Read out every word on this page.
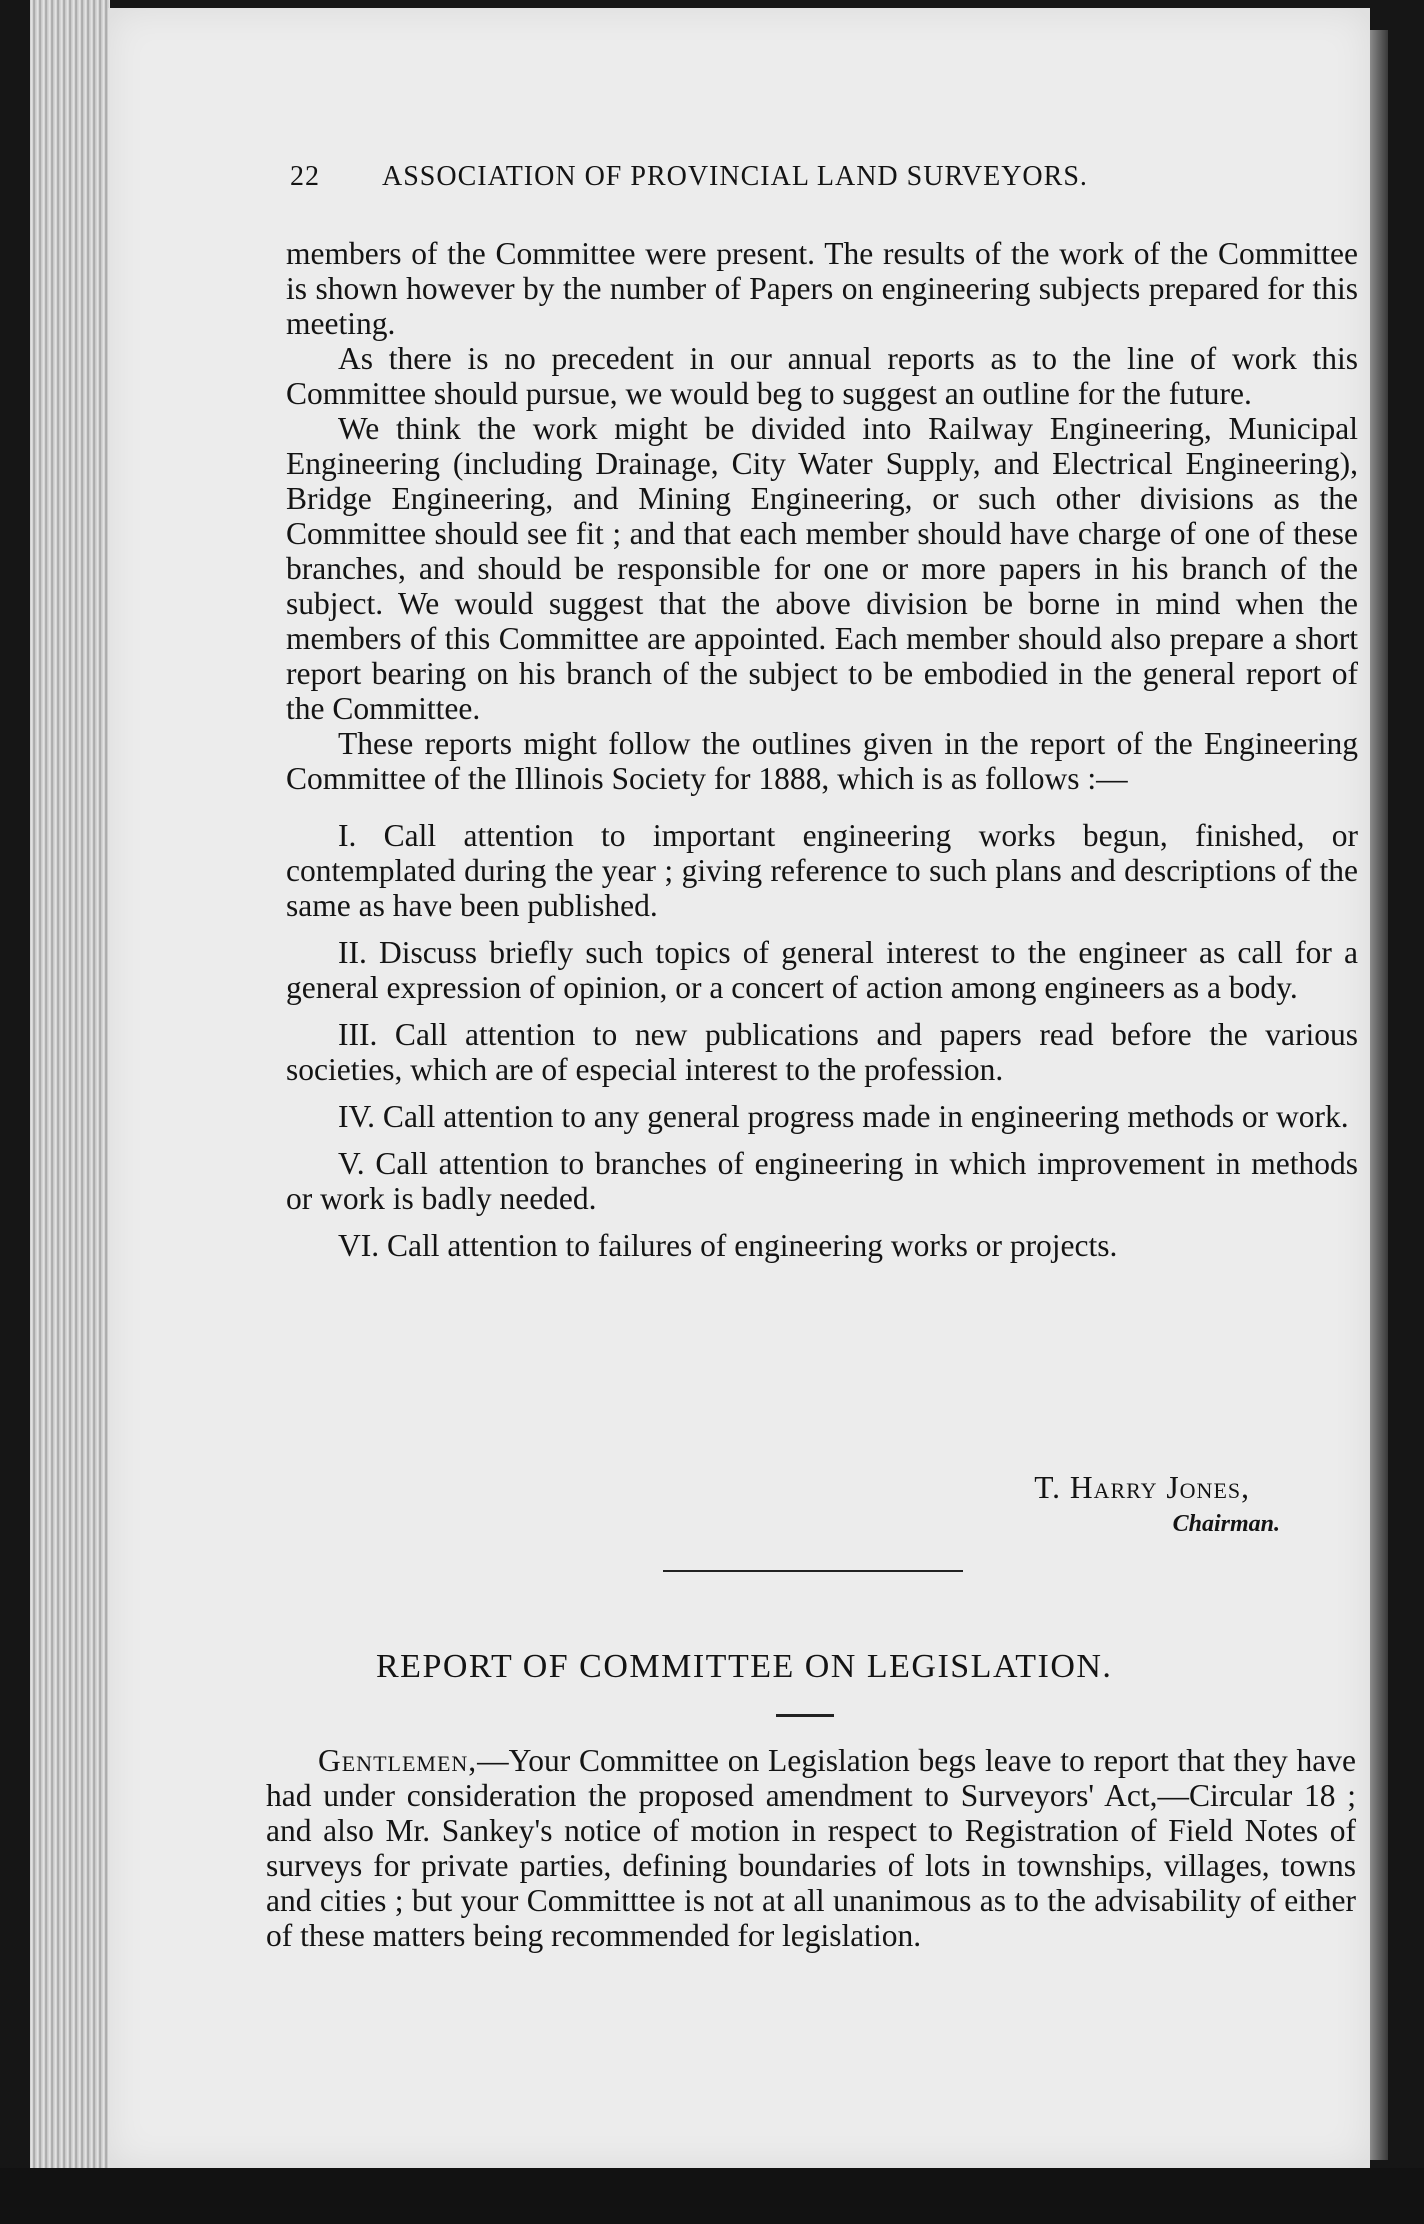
22 ASSOCIATION OF PROVINCIAL LAND SURVEYORS.

members of the Committee were present. The results of the work of the Committee is shown however by the number of Papers on engineering subjects prepared for this meeting.

As there is no precedent in our annual reports as to the line of work this Committee should pursue, we would beg to suggest an outline for the future.

We think the work might be divided into Railway Engineering, Municipal Engineering (including Drainage, City Water Supply, and Electrical Engineering), Bridge Engineering, and Mining Engineering, or such other divisions as the Committee should see fit ; and that each member should have charge of one of these branches, and should be responsible for one or more papers in his branch of the subject. We would suggest that the above division be borne in mind when the members of this Committee are appointed. Each member should also prepare a short report bearing on his branch of the subject to be embodied in the general report of the Committee.

These reports might follow the outlines given in the report of the Engineering Committee of the Illinois Society for 1888, which is as follows :—

I. Call attention to important engineering works begun, finished, or contemplated during the year ; giving reference to such plans and descriptions of the same as have been published.

II. Discuss briefly such topics of general interest to the engineer as call for a general expression of opinion, or a concert of action among engineers as a body.

III. Call attention to new publications and papers read before the various societies, which are of especial interest to the profession.

IV. Call attention to any general progress made in engineering methods or work.

V. Call attention to branches of engineering in which improvement in methods or work is badly needed.

VI. Call attention to failures of engineering works or projects.

T. Harry Jones,
Chairman.
REPORT OF COMMITTEE ON LEGISLATION.

Gentlemen,—Your Committee on Legislation begs leave to report that they have had under consideration the proposed amendment to Surveyors' Act,—Circular 18 ; and also Mr. Sankey's notice of motion in respect to Registration of Field Notes of surveys for private parties, defining boundaries of lots in townships, villages, towns and cities ; but your Committtee is not at all unanimous as to the advisability of either of these matters being recommended for legislation.
